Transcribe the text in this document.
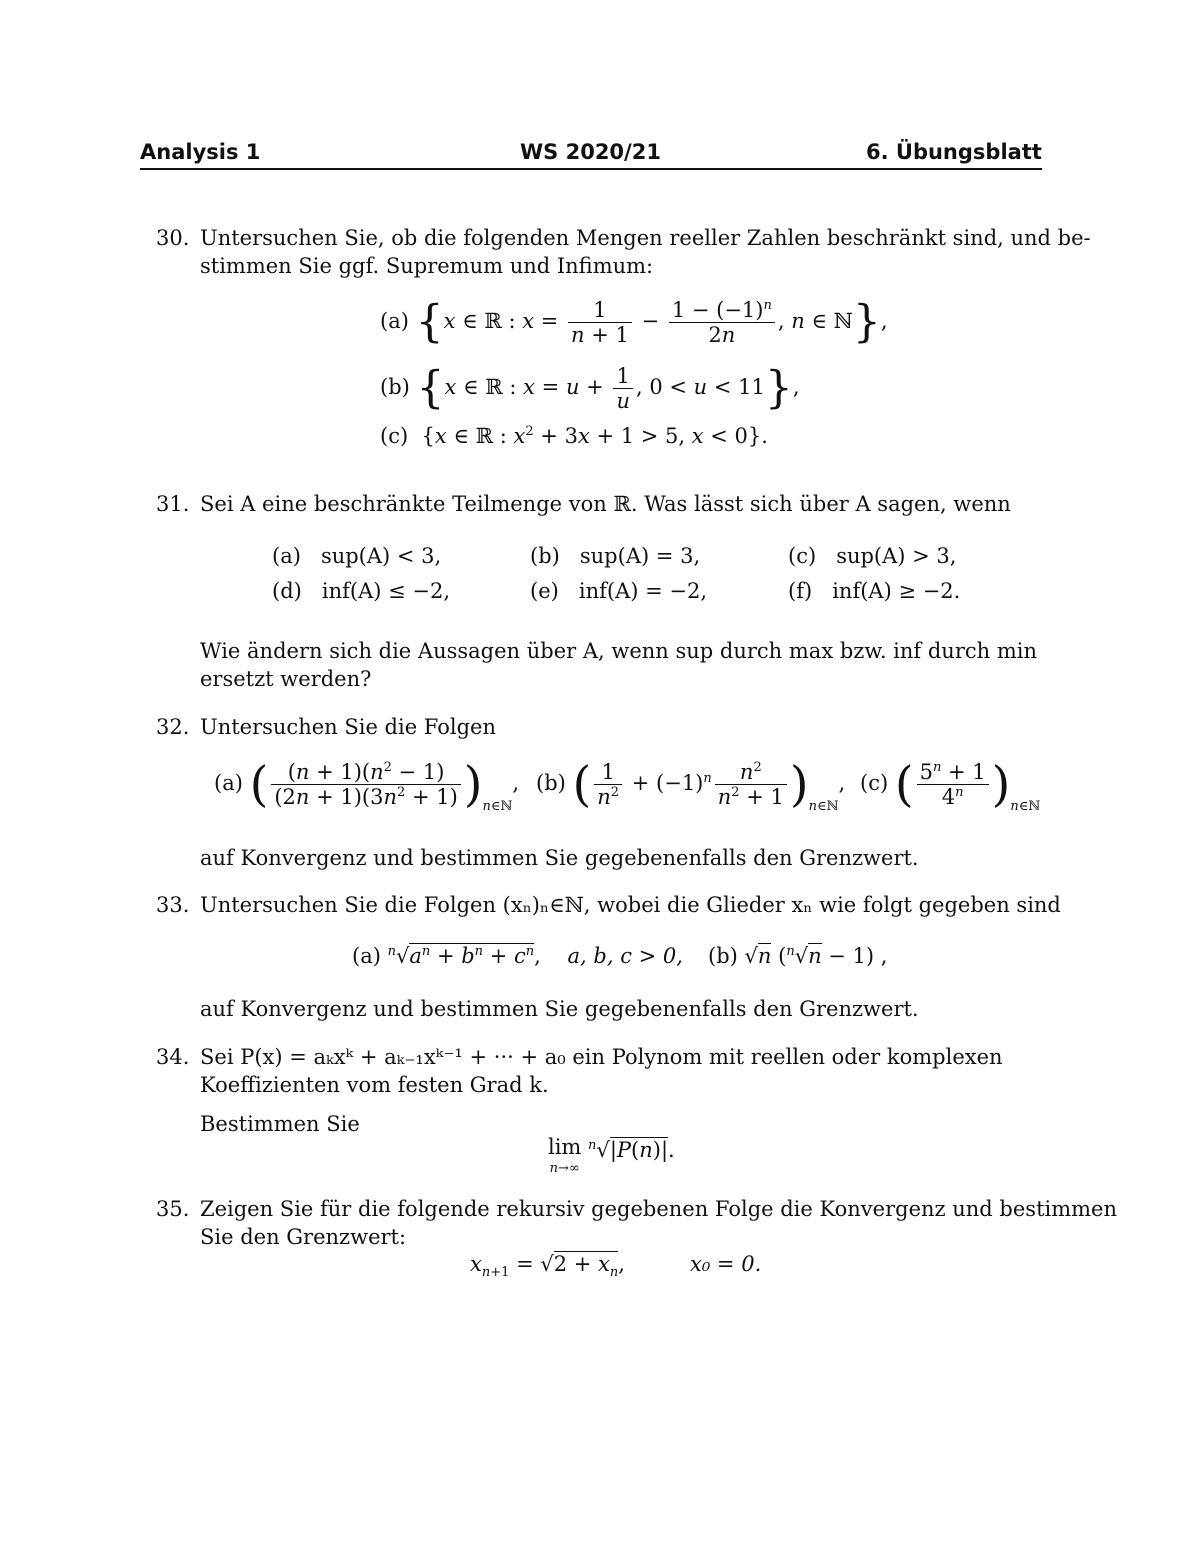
Analysis 1	WS 2020/21	6. Übungsblatt
30. Untersuchen Sie, ob die folgenden Mengen reeller Zahlen beschränkt sind, und be-
stimmen Sie ggf. Supremum und Infimum:
(a) {x ∈ ℝ : $x = \frac{1}{n + 1} - \frac{1 - (-1)^n}{2n}$ , n ∈ ℕ},
(b) {x ∈ ℝ : $x = u + \frac{1}{u}$ , 0 < u < 11},
(c)  {x ∈ ℝ : $x^2 + 3x + 1 > 5$, x < 0}.
31. Sei A eine beschränkte Teilmenge von ℝ. Was lässt sich über A sagen, wenn
(a) sup(A) < 3,	(b) sup(A) = 3,	(c) sup(A) > 3,
(d) inf(A) ≤ −2,	(e) inf(A) = −2,	(f) inf(A) ≥ −2.
Wie ändern sich die Aussagen über A, wenn sup durch max bzw. inf durch min
ersetzt werden?
32. Untersuchen Sie die Folgen
(a) ( $\frac{(n + 1)(n^2 - 1)}{(2n + 1)(3n^2 + 1)} )_{n\in ℕ}$, (b) ( $\frac{1}{n^2} + (-1)^n \frac{n^2}{n^2 + 1} )_{n\in ℕ}$, (c) ( $\frac{5^n + 1}{4^n} )_{n\in ℕ}$
auf Konvergenz und bestimmen Sie gegebenenfalls den Grenzwert.
33. Untersuchen Sie die Folgen (xₙ)ₙ∈ℕ, wobei die Glieder xₙ wie folgt gegeben sind
(a) $^n√a^n + b^n + c^n$,    a, b, c > 0, (b) √n ($^n$√n − 1) ,
auf Konvergenz und bestimmen Sie gegebenenfalls den Grenzwert.
34. Sei P(x) = aₖxᵏ + aₖ₋₁xᵏ⁻¹ + ··· + a₀ ein Polynom mit reellen oder komplexen
Koeffizienten vom festen Grad k.
Bestimmen Sie
lim
n→∞ $^n$√|P(n)|.
35. Zeigen Sie für die folgende rekursiv gegebenen Folge die Konvergenz und bestimmen
Sie den Grenzwert:
$x_{n+1} = √2 + x_n$,	x₀ = 0.
